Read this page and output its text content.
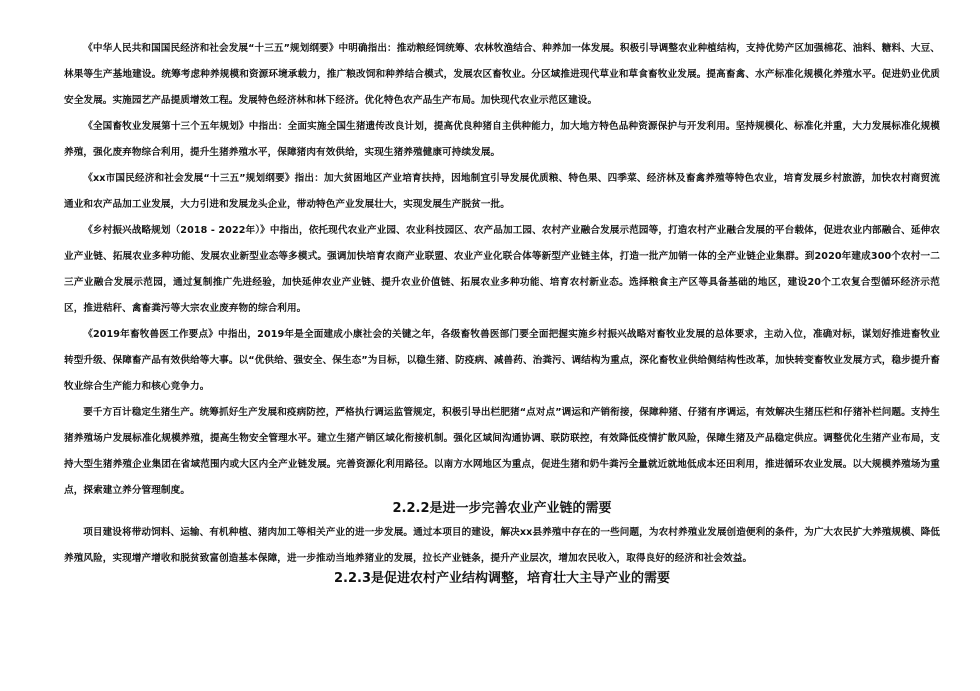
《中华人民共和国国民经济和社会发展“十三五”规划纲要》中明确指出：推动粮经饲统筹、农林牧渔结合、种养加一体发展。积极引导调整农业种植结构，支持优势产区加强棉花、油料、糖料、大豆、林果等生产基地建设。统筹考虑种养规模和资源环境承载力，推广粮改饲和种养结合模式，发展农区畜牧业。分区域推进现代草业和草食畜牧业发展。提高畜禽、水产标准化规模化养殖水平。促进奶业优质安全发展。实施园艺产品提质增效工程。发展特色经济林和林下经济。优化特色农产品生产布局。加快现代农业示范区建设。

《全国畜牧业发展第十三个五年规划》中指出：全面实施全国生猪遗传改良计划，提高优良种猪自主供种能力，加大地方特色品种资源保护与开发利用。坚持规模化、标准化并重，大力发展标准化规模养殖，强化废弃物综合利用，提升生猪养殖水平，保障猪肉有效供给，实现生猪养殖健康可持续发展。

《xx市国民经济和社会发展“十三五”规划纲要》指出：加大贫困地区产业培育扶持，因地制宜引导发展优质粮、特色果、四季菜、经济林及畜禽养殖等特色农业，培育发展乡村旅游，加快农村商贸流通业和农产品加工业发展，大力引进和发展龙头企业，带动特色产业发展壮大，实现发展生产脱贫一批。

《乡村振兴战略规划（2018 - 2022年）》中指出，依托现代农业产业园、农业科技园区、农产品加工园、农村产业融合发展示范园等，打造农村产业融合发展的平台载体，促进农业内部融合、延伸农业产业链、拓展农业多种功能、发展农业新型业态等多模式。强调加快培育农商产业联盟、农业产业化联合体等新型产业链主体，打造一批产加销一体的全产业链企业集群。到2020年建成300个农村一二三产业融合发展示范园，通过复制推广先进经验，加快延伸农业产业链、提升农业价值链、拓展农业多种功能、培育农村新业态。选择粮食主产区等具备基础的地区，建设20个工农复合型循环经济示范区，推进秸秆、禽畜粪污等大宗农业废弃物的综合利用。

《2019年畜牧兽医工作要点》中指出，2019年是全面建成小康社会的关键之年，各级畜牧兽医部门要全面把握实施乡村振兴战略对畜牧业发展的总体要求，主动入位，准确对标，谋划好推进畜牧业转型升级、保障畜产品有效供给等大事。以“优供给、强安全、保生态”为目标，以稳生猪、防疫病、减兽药、治粪污、调结构为重点，深化畜牧业供给侧结构性改革，加快转变畜牧业发展方式，稳步提升畜牧业综合生产能力和核心竞争力。

要千方百计稳定生猪生产。统筹抓好生产发展和疫病防控，严格执行调运监管规定，积极引导出栏肥猪“点对点”调运和产销衔接，保障种猪、仔猪有序调运，有效解决生猪压栏和仔猪补栏问题。支持生猪养殖场户发展标准化规模养殖，提高生物安全管理水平。建立生猪产销区域化衔接机制。强化区域间沟通协调、联防联控，有效降低疫情扩散风险，保障生猪及产品稳定供应。调整优化生猪产业布局，支持大型生猪养殖企业集团在省域范围内或大区内全产业链发展。完善资源化利用路径。以南方水网地区为重点，促进生猪和奶牛粪污全量就近就地低成本还田利用，推进循环农业发展。以大规模养殖场为重点，探索建立养分管理制度。

2.2.2是进一步完善农业产业链的需要

项目建设将带动饲料、运输、有机种植、猪肉加工等相关产业的进一步发展。通过本项目的建设，解决xx县养殖中存在的一些问题，为农村养殖业发展创造便利的条件，为广大农民扩大养殖规模、降低养殖风险，实现增产增收和脱贫致富创造基本保障，进一步推动当地养猪业的发展，拉长产业链条，提升产业层次，增加农民收入，取得良好的经济和社会效益。

2.2.3是促进农村产业结构调整，培育壮大主导产业的需要
